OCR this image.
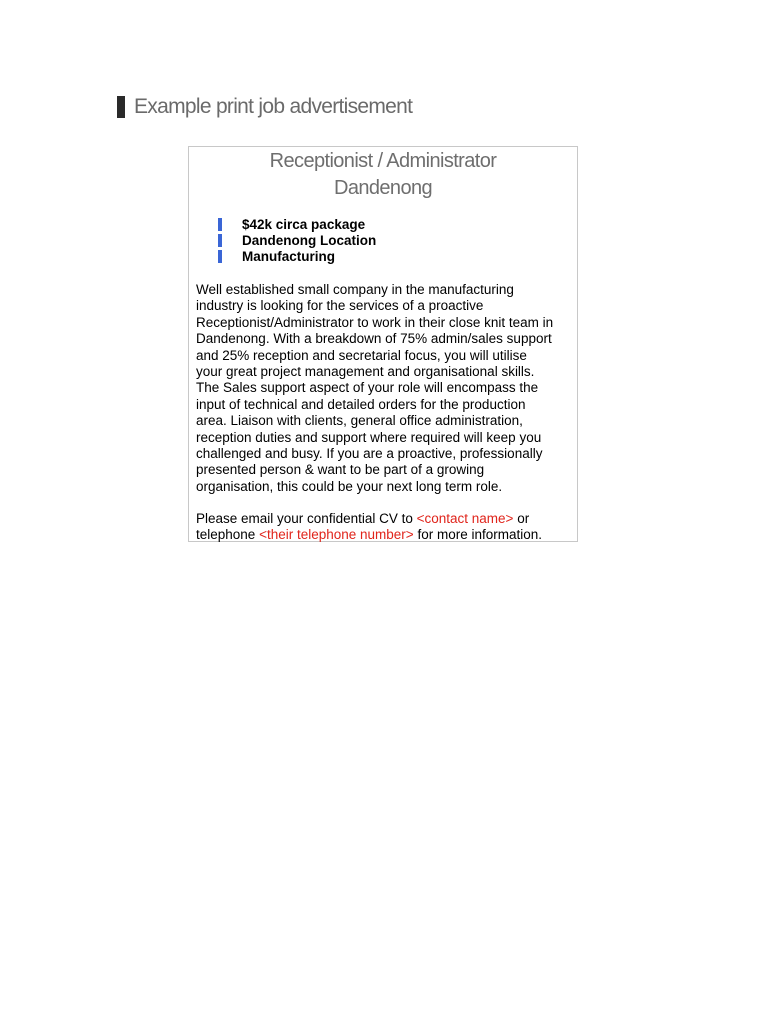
Example print job advertisement
Receptionist / Administrator
Dandenong
$42k circa package
Dandenong Location
Manufacturing
Well established small company in the manufacturing
industry is looking for the services of a proactive
Receptionist/Administrator to work in their close knit team in
Dandenong. With a breakdown of 75% admin/sales support
and 25% reception and secretarial focus, you will utilise
your great project management and organisational skills.
The Sales support aspect of your role will encompass the
input of technical and detailed orders for the production
area. Liaison with clients, general office administration,
reception duties and support where required will keep you
challenged and busy. If you are a proactive, professionally
presented person & want to be part of a growing
organisation, this could be your next long term role.
Please email your confidential CV to <contact name> or
telephone <their telephone number> for more information.
